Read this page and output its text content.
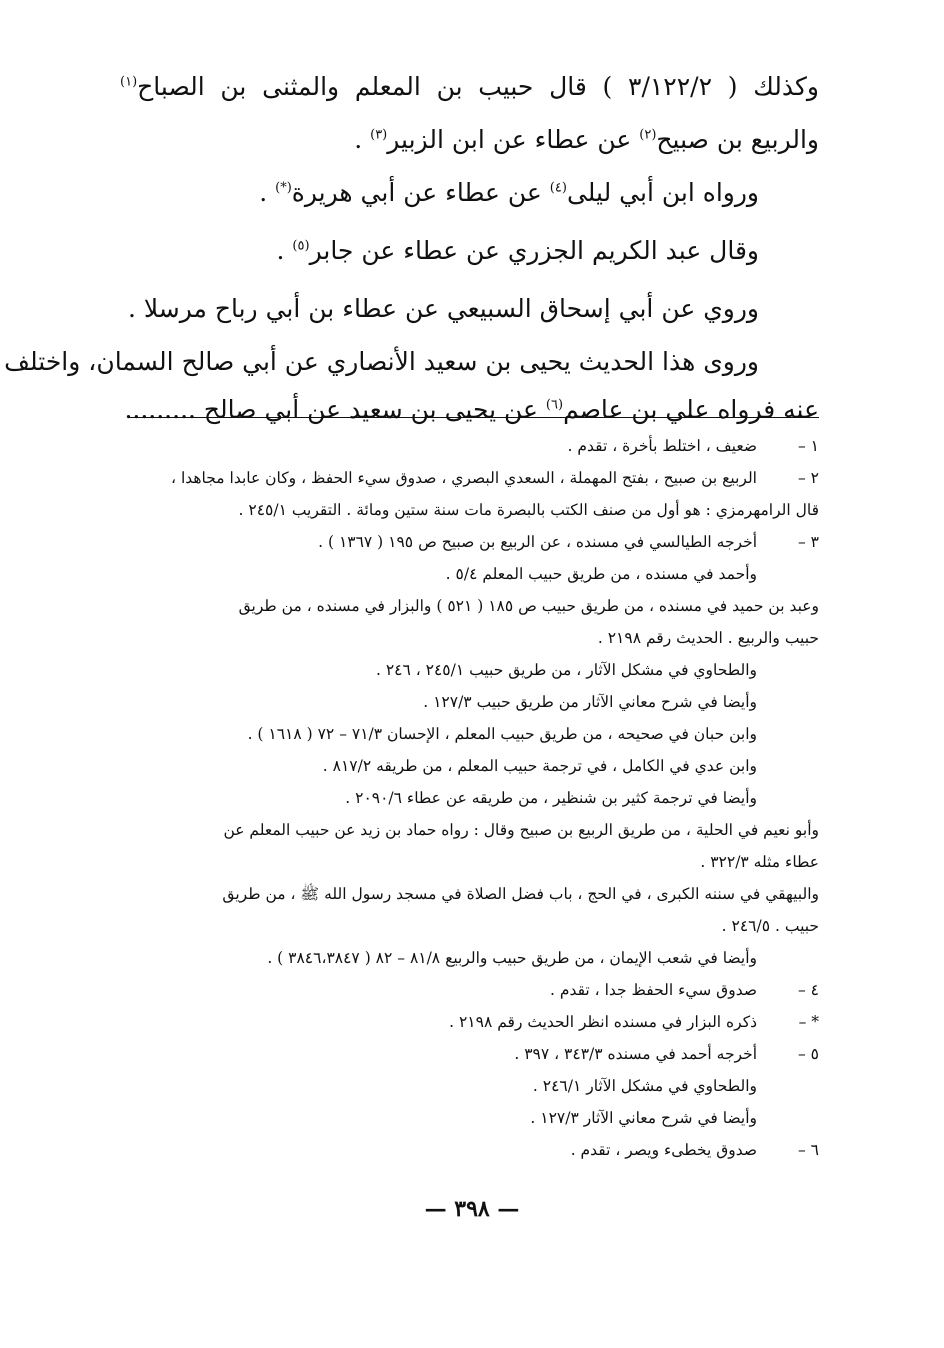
وكذلك ( ٣/١٢٢/٢ ) قال حبيب بن المعلم والمثنى بن الصباح$^{(١)}$
والربيع بن صبيح$^{(٢)}$ عن عطاء عن ابن الزبير$^{(٣)}$ .
ورواه ابن أبي ليلى$^{(٤)}$ عن عطاء عن أبي هريرة(*) .
وقال عبد الكريم الجزري عن عطاء عن جابر$^{(٥)}$ .
وروي عن أبي إسحاق السبيعي عن عطاء بن أبي رباح مرسلا .
وروى هذا الحديث يحيى بن سعيد الأنصاري عن أبي صالح السمان، واختلف
عنه فرواه علي بن عاصم$^{(٦)}$ عن يحيى بن سعيد عن أبي صالح .........
١ –
ضعيف ، اختلط بأخرة ، تقدم .
٢ –
الربيع بن صبيح ، بفتح المهملة ، السعدي البصري ، صدوق سيء الحفظ ، وكان عابدا مجاهدا ،
قال الرامهرمزي : هو أول من صنف الكتب بالبصرة مات سنة ستين ومائة . التقريب ٢٤٥/١ .
٣ –
أخرجه الطيالسي في مسنده ، عن الربيع بن صبيح ص ١٩٥ ( ١٣٦٧ ) .
وأحمد في مسنده ، من طريق حبيب المعلم ٥/٤ .
وعبد بن حميد في مسنده ، من طريق حبيب ص ١٨٥ ( ٥٢١ ) والبزار في مسنده ، من طريق
حبيب والربيع . الحديث رقم ٢١٩٨ .
والطحاوي في مشكل الآثار ، من طريق حبيب ٢٤٥/١ ، ٢٤٦ .
وأيضا في شرح معاني الآثار من طريق حبيب ١٢٧/٣ .
وابن حبان في صحيحه ، من طريق حبيب المعلم ، الإحسان ٧١/٣ – ٧٢ ( ١٦١٨ ) .
وابن عدي في الكامل ، في ترجمة حبيب المعلم ، من طريقه ٨١٧/٢ .
وأيضا في ترجمة كثير بن شنظير ، من طريقه عن عطاء ٢٠٩٠/٦ .
وأبو نعيم في الحلية ، من طريق الربيع بن صبيح وقال : رواه حماد بن زيد عن حبيب المعلم عن
عطاء مثله ٣٢٢/٣ .
والبيهقي في سننه الكبرى ، في الحج ، باب فضل الصلاة في مسجد رسول الله ﷺ ، من طريق
حبيب . ٢٤٦/٥ .
وأيضا في شعب الإيمان ، من طريق حبيب والربيع ٨١/٨ – ٨٢ ( ٣٨٤٦،٣٨٤٧ ) .
٤ –
صدوق سيء الحفظ جدا ، تقدم .
* –
ذكره البزار في مسنده انظر الحديث رقم ٢١٩٨ .
٥ –
أخرجه أحمد في مسنده ٣٤٣/٣ ، ٣٩٧ .
والطحاوي في مشكل الآثار ٢٤٦/١ .
وأيضا في شرح معاني الآثار ١٢٧/٣ .
٦ –
صدوق يخطىء ويصر ، تقدم .
— ٣٩٨ —
